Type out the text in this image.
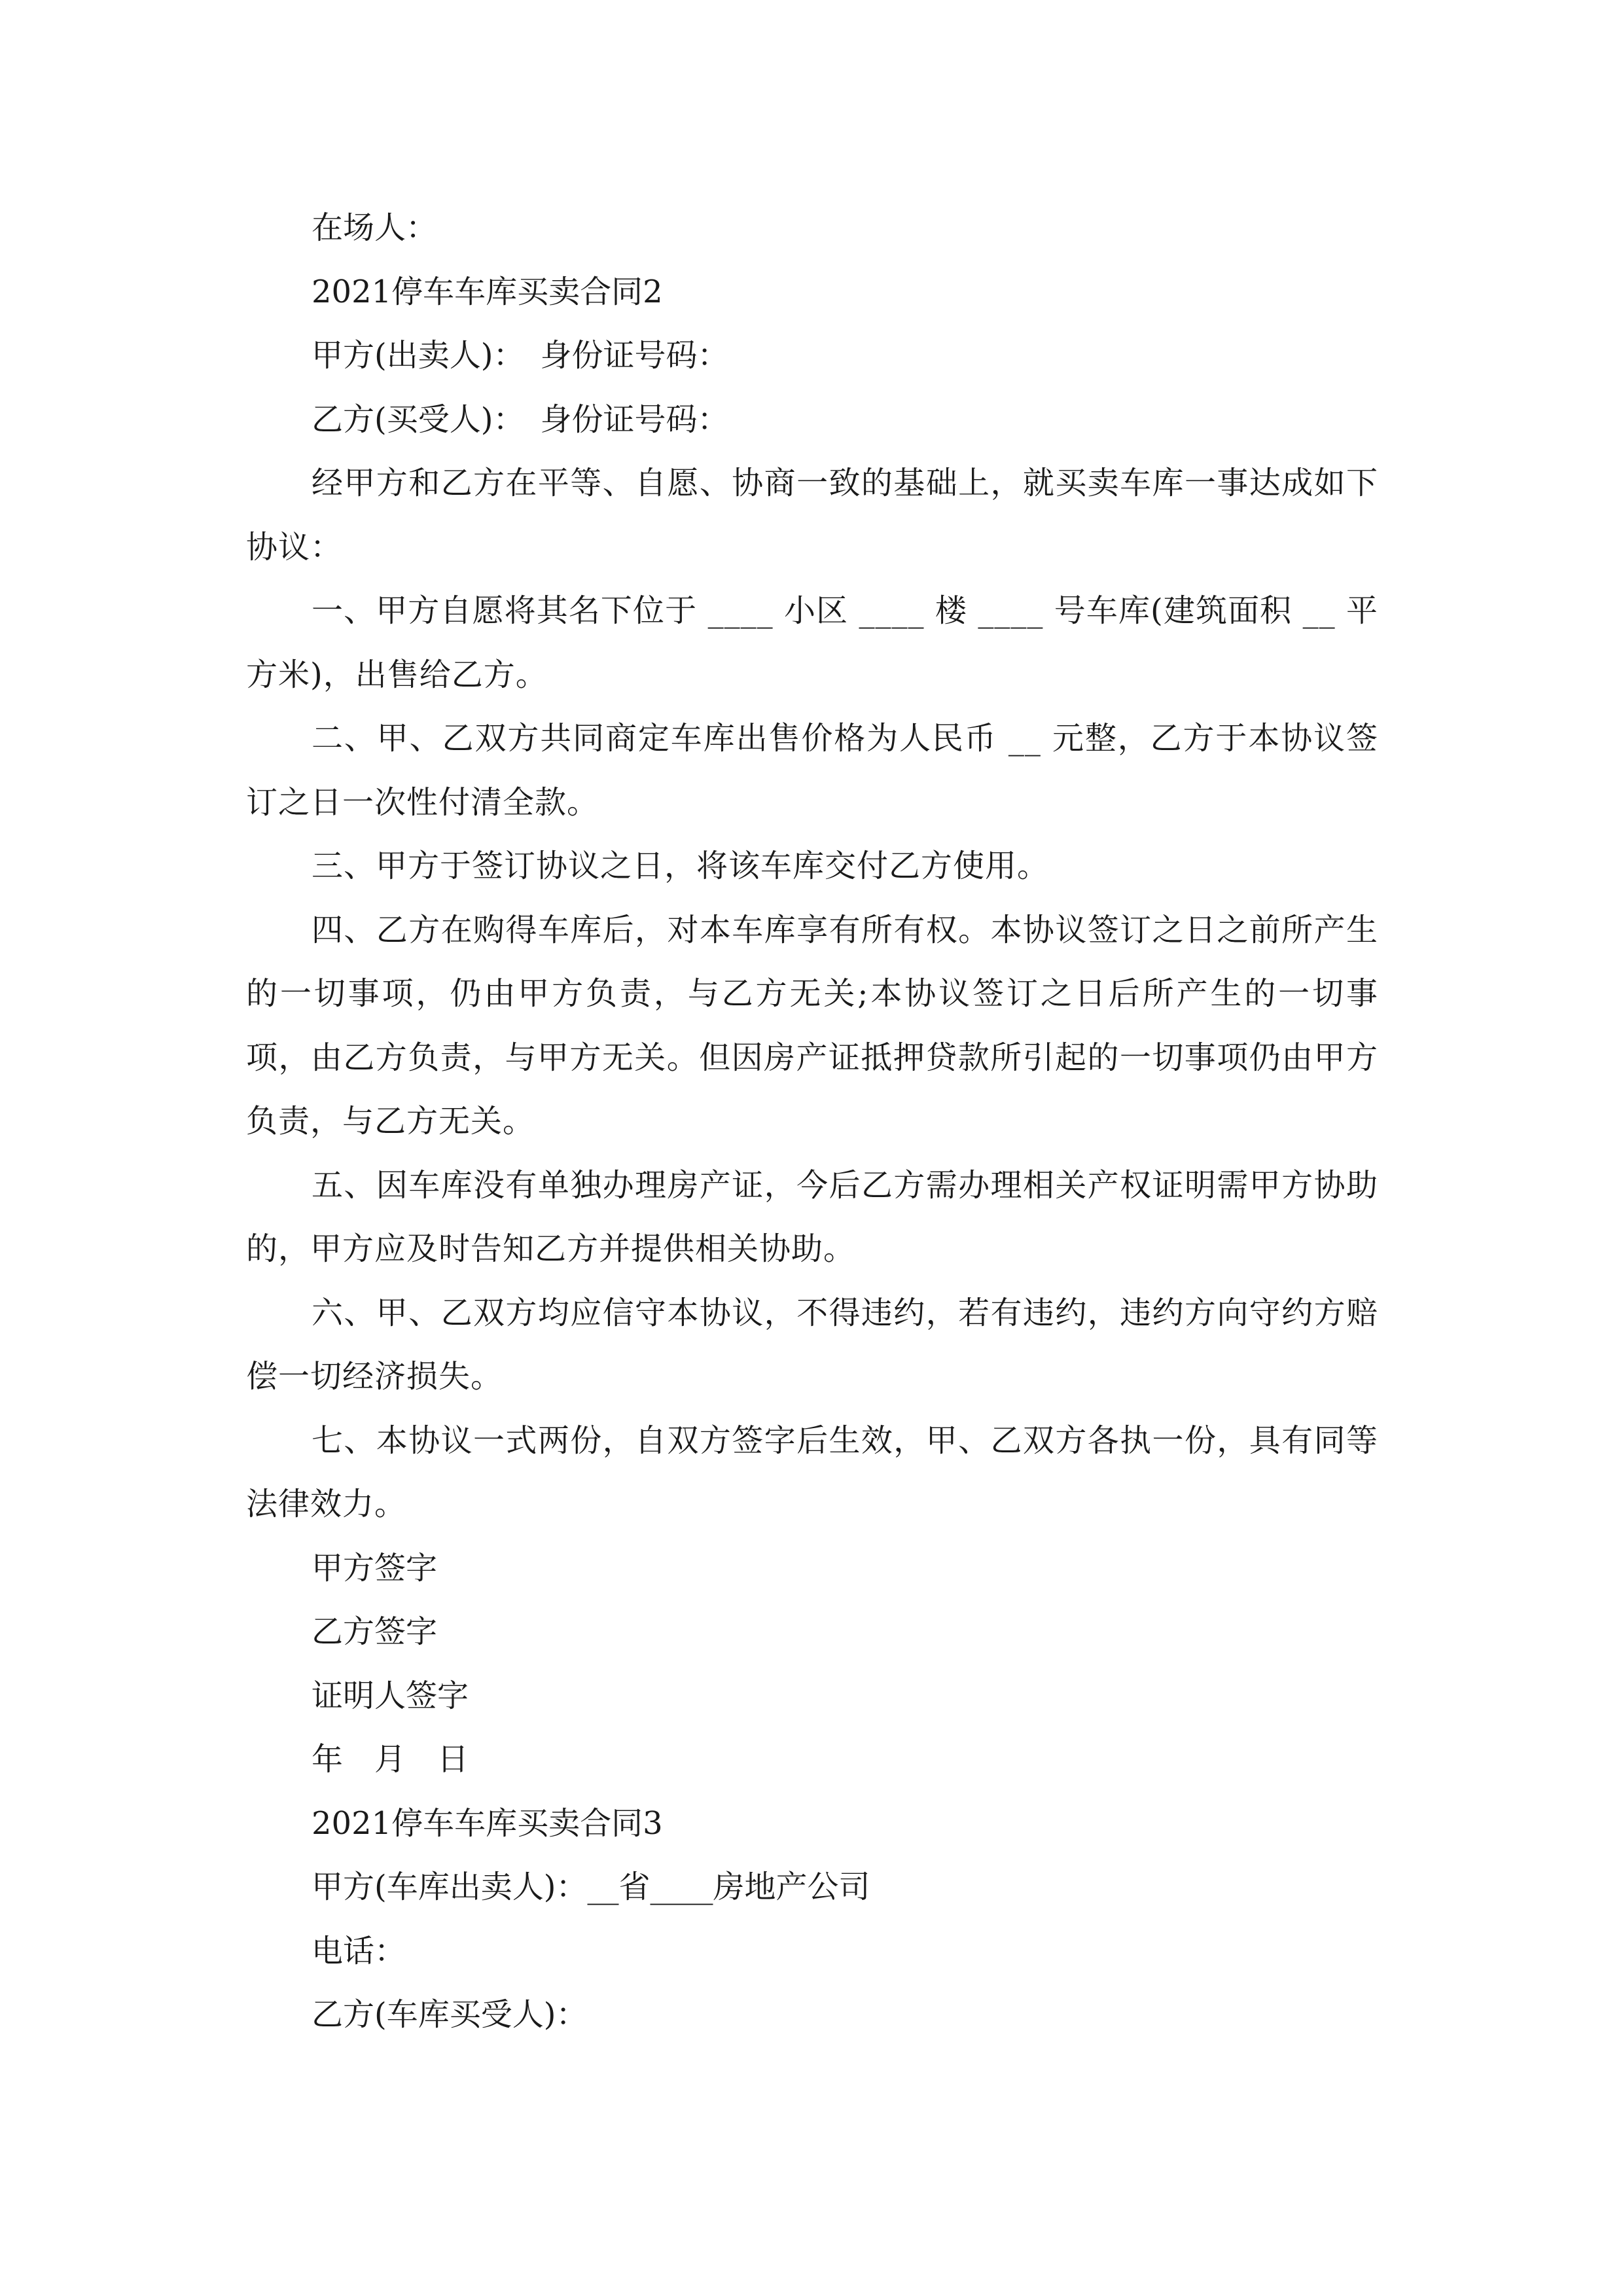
在场人：
2021停车车库买卖合同2
甲方(出卖人)：　身份证号码：
乙方(买受人)：　身份证号码：
经甲方和乙方在平等、自愿、协商一致的基础上，就买卖车库一事达成如下协议：
一、甲方自愿将其名下位于 ____ 小区 ____ 楼 ____ 号车库(建筑面积 __ 平方米)，出售给乙方。
二、甲、乙双方共同商定车库出售价格为人民币 __ 元整，乙方于本协议签订之日一次性付清全款。
三、甲方于签订协议之日，将该车库交付乙方使用。
四、乙方在购得车库后，对本车库享有所有权。本协议签订之日之前所产生的一切事项，仍由甲方负责，与乙方无关;本协议签订之日后所产生的一切事项，由乙方负责，与甲方无关。但因房产证抵押贷款所引起的一切事项仍由甲方负责，与乙方无关。
五、因车库没有单独办理房产证，今后乙方需办理相关产权证明需甲方协助的，甲方应及时告知乙方并提供相关协助。
六、甲、乙双方均应信守本协议，不得违约，若有违约，违约方向守约方赔偿一切经济损失。
七、本协议一式两份，自双方签字后生效，甲、乙双方各执一份，具有同等法律效力。
甲方签字
乙方签字
证明人签字
年　月　日
2021停车车库买卖合同3
甲方(车库出卖人)：__省____房地产公司
电话：
乙方(车库买受人)：
